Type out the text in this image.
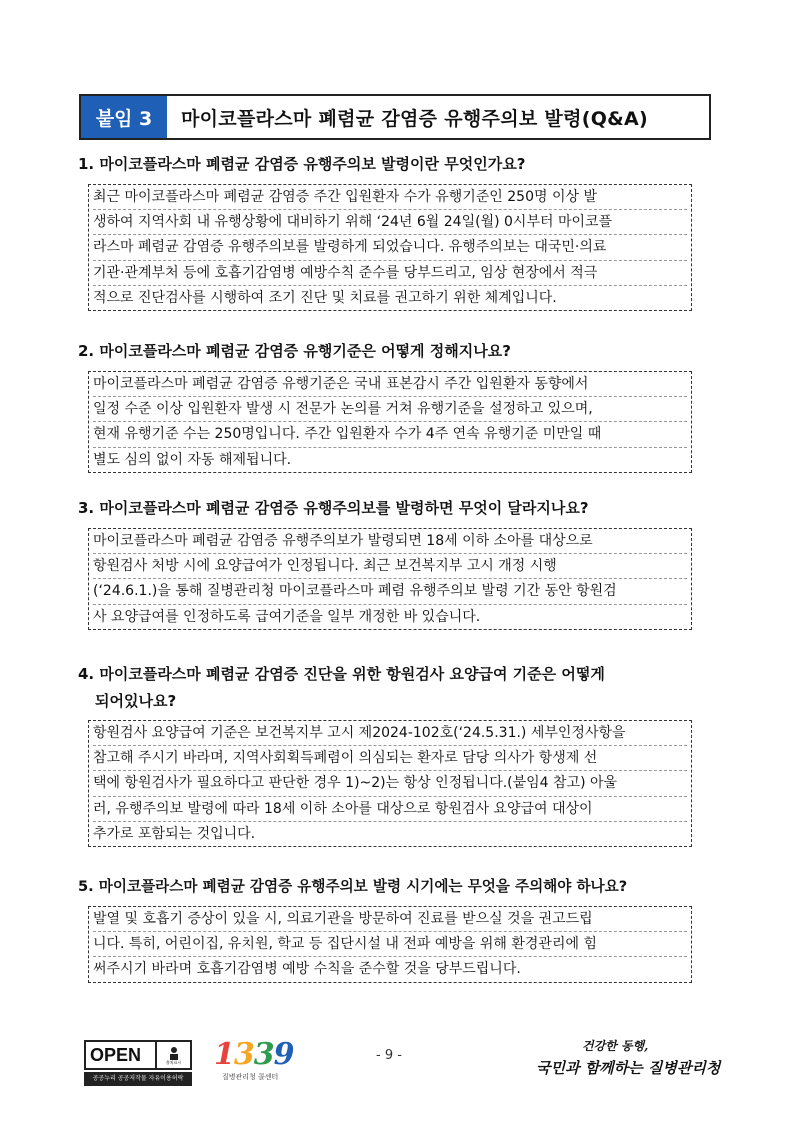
붙임 3	마이코플라스마 폐렴균 감염증 유행주의보 발령(Q&A)
1. 마이코플라스마 폐렴균 감염증 유행주의보 발령이란 무엇인가요?
최근 마이코플라스마 폐렴균 감염증 주간 입원환자 수가 유행기준인 250명 이상 발
생하여 지역사회 내 유행상황에 대비하기 위해 ‘24년 6월 24일(월) 0시부터 마이코플
라스마 폐렴균 감염증 유행주의보를 발령하게 되었습니다. 유행주의보는 대국민·의료
기관·관계부처 등에 호흡기감염병 예방수칙 준수를 당부드리고, 임상 현장에서 적극
적으로 진단검사를 시행하여 조기 진단 및 치료를 권고하기 위한 체계입니다.
2. 마이코플라스마 폐렴균 감염증 유행기준은 어떻게 정해지나요?
마이코플라스마 폐렴균 감염증 유행기준은 국내 표본감시 주간 입원환자 동향에서
일정 수준 이상 입원환자 발생 시 전문가 논의를 거쳐 유행기준을 설정하고 있으며,
현재 유행기준 수는 250명입니다. 주간 입원환자 수가 4주 연속 유행기준 미만일 때
별도 심의 없이 자동 해제됩니다.
3. 마이코플라스마 폐렴균 감염증 유행주의보를 발령하면 무엇이 달라지나요?
마이코플라스마 폐렴균 감염증 유행주의보가 발령되면 18세 이하 소아를 대상으로
항원검사 처방 시에 요양급여가 인정됩니다. 최근 보건복지부 고시 개정 시행
(‘24.6.1.)을 통해 질병관리청 마이코플라스마 폐렴 유행주의보 발령 기간 동안 항원검
사 요양급여를 인정하도록 급여기준을 일부 개정한 바 있습니다.
4. 마이코플라스마 폐렴균 감염증 진단을 위한 항원검사 요양급여 기준은 어떻게
되어있나요?
항원검사 요양급여 기준은 보건복지부 고시 제2024-102호(‘24.5.31.) 세부인정사항을
참고해 주시기 바라며, 지역사회획득폐렴이 의심되는 환자로 담당 의사가 항생제 선
택에 항원검사가 필요하다고 판단한 경우 1)~2)는 항상 인정됩니다.(붙임4 참고) 아울
러, 유행주의보 발령에 따라 18세 이하 소아를 대상으로 항원검사 요양급여 대상이
추가로 포함되는 것입니다.
5. 마이코플라스마 폐렴균 감염증 유행주의보 발령 시기에는 무엇을 주의해야 하나요?
발열 및 호흡기 증상이 있을 시, 의료기관을 방문하여 진료를 받으실 것을 권고드립
니다. 특히, 어린이집, 유치원, 학교 등 집단시설 내 전파 예방을 위해 환경관리에 힘
써주시기 바라며 호흡기감염병 예방 수칙을 준수할 것을 당부드립니다.
OPEN	출처표시
공공누리 공공저작물 자유이용허락
1339
질병관리청 콜센터
- 9 -
건강한 동행,
국민과 함께하는 질병관리청
